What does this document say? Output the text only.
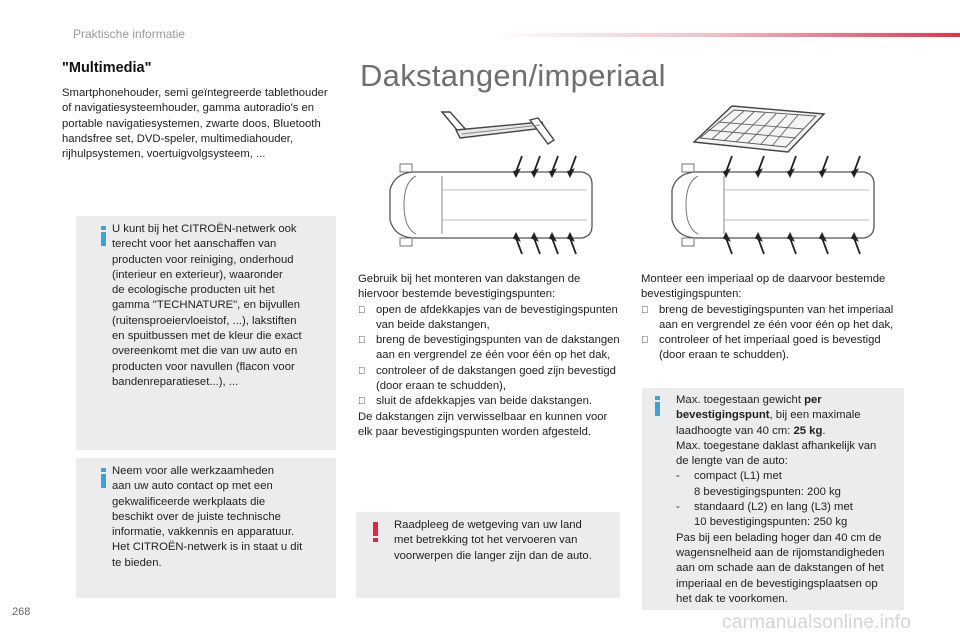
Praktische informatie
"Multimedia"
Smartphonehouder, semi geïntegreerde tablethouder of navigatiesysteemhouder, gamma autoradio's en portable navigatiesystemen, zwarte doos, Bluetooth handsfree set, DVD-speler, multimediahouder, rijhulpsystemen, voertuigvolgsysteem, ...
U kunt bij het CITROËN-netwerk ook
terecht voor het aanschaffen van
producten voor reiniging, onderhoud
(interieur en exterieur), waaronder
de ecologische producten uit het
gamma "TECHNATURE", en bijvullen
(ruitensproeiervloeistof, ...), lakstiften
en spuitbussen met de kleur die exact
overeenkomt met die van uw auto en
producten voor navullen (flacon voor
bandenreparatieset...), ...
Neem voor alle werkzaamheden
aan uw auto contact op met een
gekwalificeerde werkplaats die
beschikt over de juiste technische
informatie, vakkennis en apparatuur.
Het CITROËN-netwerk is in staat u dit
te bieden.
Dakstangen/imperiaal
Gebruik bij het monteren van dakstangen de hiervoor bestemde bevestigingspunten:
open de afdekkapjes van de bevestigingspunten van beide dakstangen,
breng de bevestigingspunten van de dakstangen aan en vergrendel ze één voor één op het dak,
controleer of de dakstangen goed zijn bevestigd (door eraan te schudden),
sluit de afdekkapjes van beide dakstangen.
De dakstangen zijn verwisselbaar en kunnen voor elk paar bevestigingspunten worden afgesteld.
Raadpleeg de wetgeving van uw land
met betrekking tot het vervoeren van
voorwerpen die langer zijn dan de auto.
Monteer een imperiaal op de daarvoor bestemde bevestigingspunten:
breng de bevestigingspunten van het imperiaal aan en vergrendel ze één voor één op het dak,
controleer of het imperiaal goed is bevestigd (door eraan te schudden).
Max. toegestaan gewicht per
bevestigingspunt, bij een maximale
laadhoogte van 40 cm: 25 kg.
Max. toegestane daklast afhankelijk van
de lengte van de auto:
-	compact (L1) met
8 bevestigingspunten: 200 kg
-	standaard (L2) en lang (L3) met
10 bevestigingspunten: 250 kg
Pas bij een belading hoger dan 40 cm de
wagensnelheid aan de rijomstandigheden
aan om schade aan de dakstangen of het
imperiaal en de bevestigingsplaatsen op
het dak te voorkomen.
268	carmanualsonline.info
